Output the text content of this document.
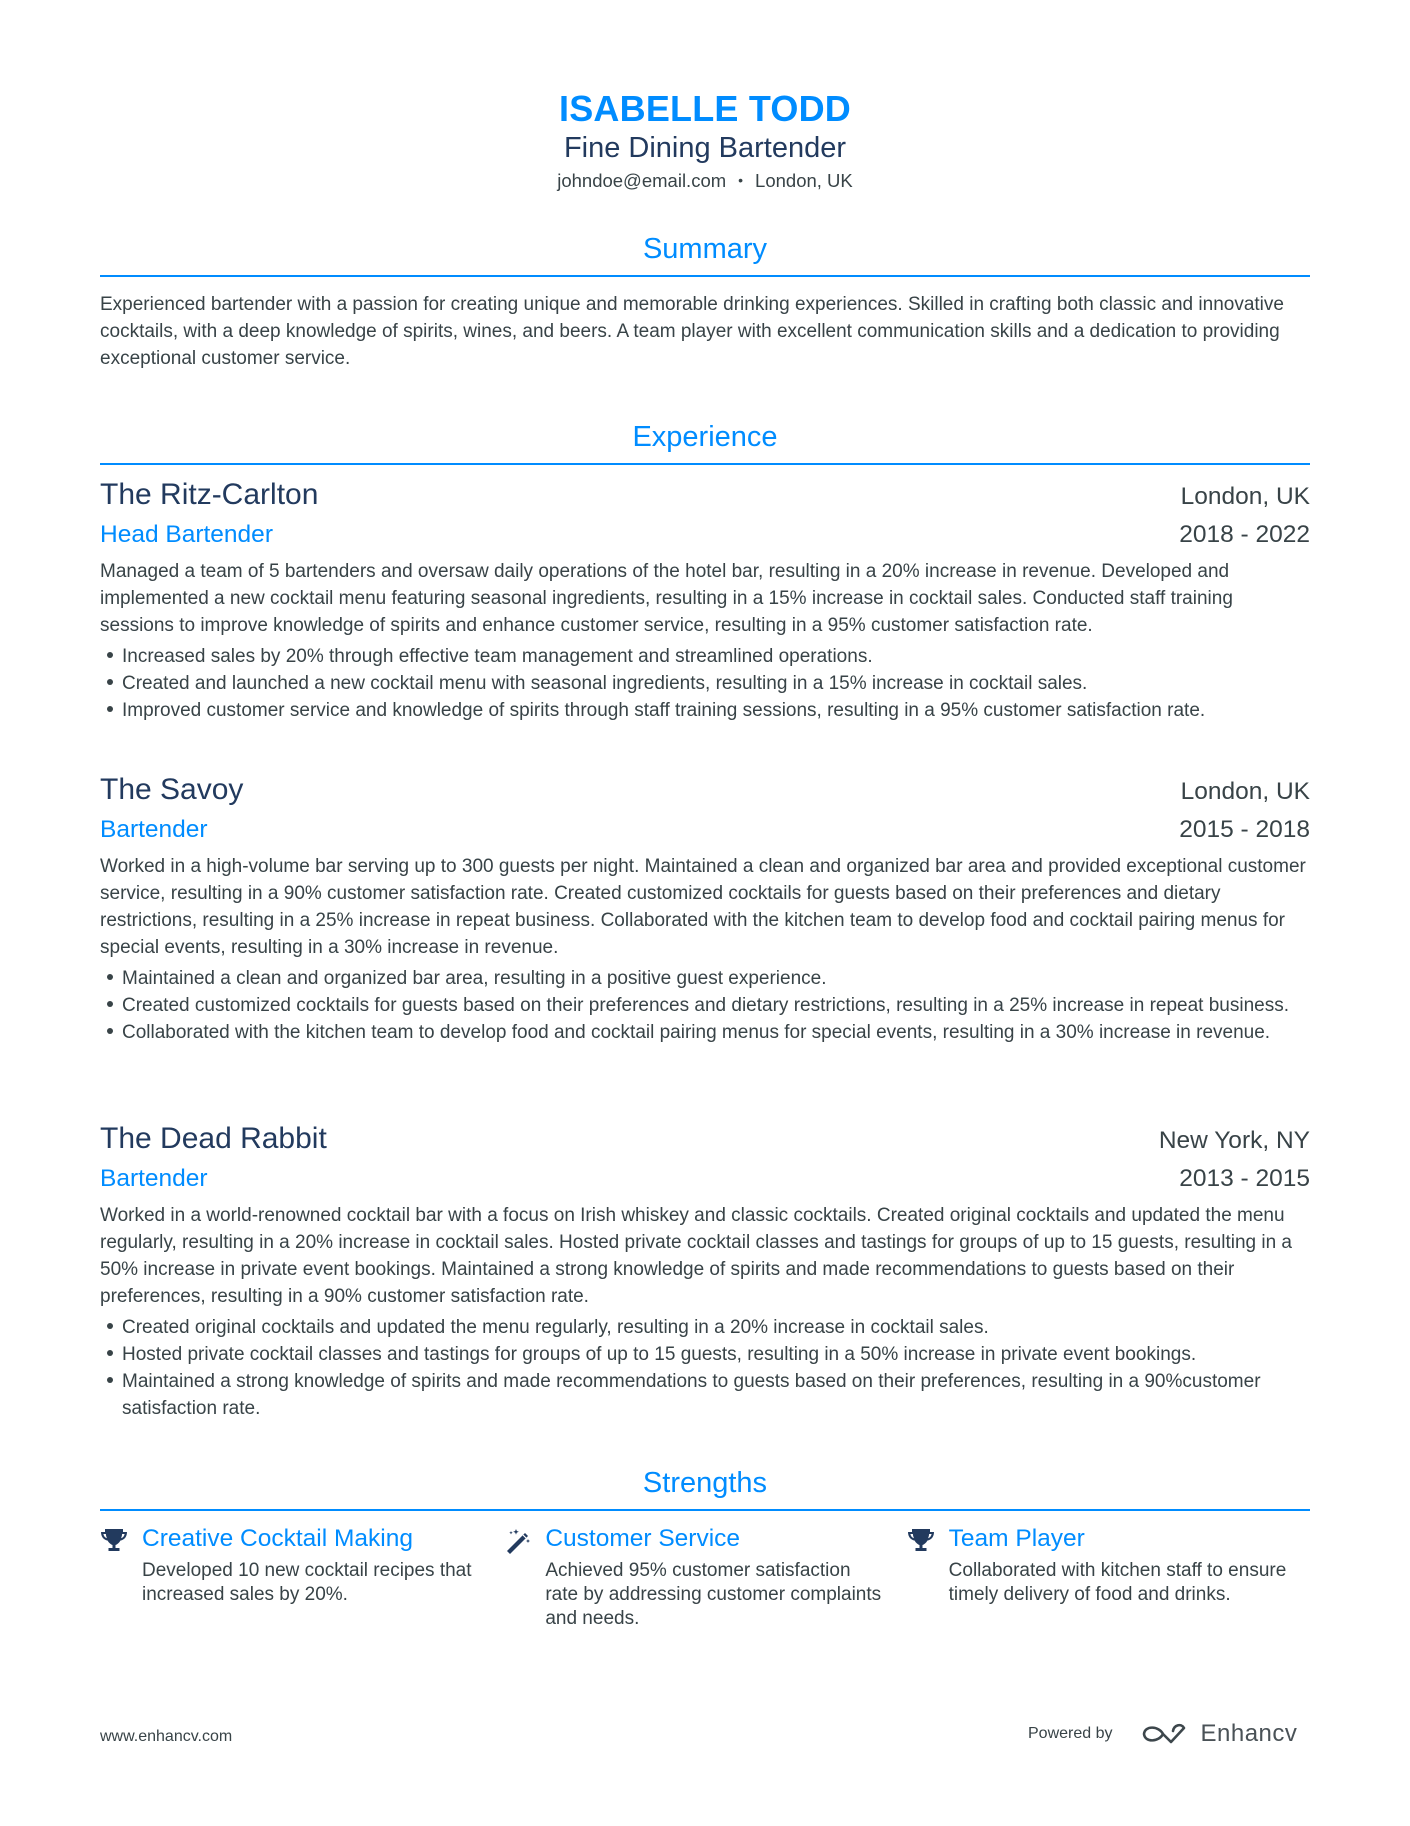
ISABELLE TODD
Fine Dining Bartender
johndoe@email.com • London, UK
Summary
Experienced bartender with a passion for creating unique and memorable drinking experiences. Skilled in crafting both classic and innovative cocktails, with a deep knowledge of spirits, wines, and beers. A team player with excellent communication skills and a dedication to providing exceptional customer service.
Experience
The Ritz-Carlton	London, UK
Head Bartender	2018 - 2022
Managed a team of 5 bartenders and oversaw daily operations of the hotel bar, resulting in a 20% increase in revenue. Developed and implemented a new cocktail menu featuring seasonal ingredients, resulting in a 15% increase in cocktail sales. Conducted staff training sessions to improve knowledge of spirits and enhance customer service, resulting in a 95% customer satisfaction rate.
Increased sales by 20% through effective team management and streamlined operations.
Created and launched a new cocktail menu with seasonal ingredients, resulting in a 15% increase in cocktail sales.
Improved customer service and knowledge of spirits through staff training sessions, resulting in a 95% customer satisfaction rate.
The Savoy	London, UK
Bartender	2015 - 2018
Worked in a high-volume bar serving up to 300 guests per night. Maintained a clean and organized bar area and provided exceptional customer service, resulting in a 90% customer satisfaction rate. Created customized cocktails for guests based on their preferences and dietary restrictions, resulting in a 25% increase in repeat business. Collaborated with the kitchen team to develop food and cocktail pairing menus for special events, resulting in a 30% increase in revenue.
Maintained a clean and organized bar area, resulting in a positive guest experience.
Created customized cocktails for guests based on their preferences and dietary restrictions, resulting in a 25% increase in repeat business.
Collaborated with the kitchen team to develop food and cocktail pairing menus for special events, resulting in a 30% increase in revenue.
The Dead Rabbit	New York, NY
Bartender	2013 - 2015
Worked in a world-renowned cocktail bar with a focus on Irish whiskey and classic cocktails. Created original cocktails and updated the menu regularly, resulting in a 20% increase in cocktail sales. Hosted private cocktail classes and tastings for groups of up to 15 guests, resulting in a 50% increase in private event bookings. Maintained a strong knowledge of spirits and made recommendations to guests based on their preferences, resulting in a 90% customer satisfaction rate.
Created original cocktails and updated the menu regularly, resulting in a 20% increase in cocktail sales.
Hosted private cocktail classes and tastings for groups of up to 15 guests, resulting in a 50% increase in private event bookings.
Maintained a strong knowledge of spirits and made recommendations to guests based on their preferences, resulting in a 90%customer satisfaction rate.
Strengths
Creative Cocktail Making
Developed 10 new cocktail recipes that increased sales by 20%.
Customer Service
Achieved 95% customer satisfaction rate by addressing customer complaints and needs.
Team Player
Collaborated with kitchen staff to ensure timely delivery of food and drinks.
www.enhancv.com	Powered by	Enhancv
